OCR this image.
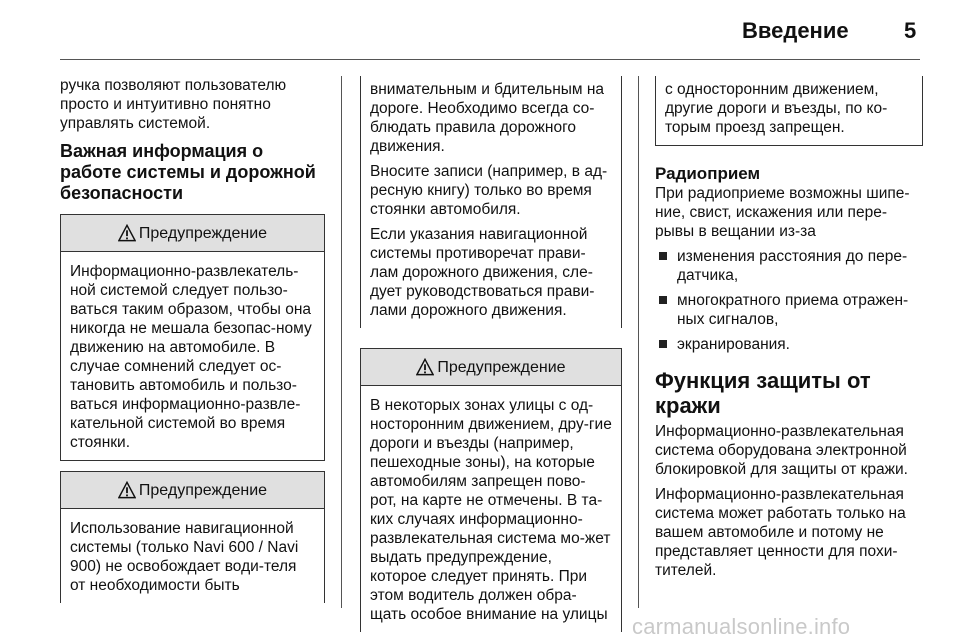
Введение	5

ручка позволяют пользователю просто и интуитивно понятно управлять системой.

Важная информация о работе системы и дорожной безопасности
Предупреждение
Информационно-развлекатель-ной системой следует пользо-ваться таким образом, чтобы она никогда не мешала безопас-ному движению на автомобиле. В случае сомнений следует ос-тановить автомобиль и пользо-ваться информационно-развле-кательной системой во время стоянки.
Предупреждение
Использование навигационной системы (только Navi 600 / Navi 900) не освобождает води-теля от необходимости быть

внимательным и бдительным на дороге. Необходимо всегда со-блюдать правила дорожного движения.

Вносите записи (например, в ад-ресную книгу) только во время стоянки автомобиля.

Если указания навигационной системы противоречат прави-лам дорожного движения, сле-дует руководствоваться прави-лами дорожного движения.

Предупреждение
В некоторых зонах улицы с од-носторонним движением, дру-гие дороги и въезды (например, пешеходные зоны), на которые автомобилям запрещен пово-рот, на карте не отмечены. В та-ких случаях информационно-развлекательная система мо-жет выдать предупреждение, которое следует принять. При этом водитель должен обра-щать особое внимание на улицы
с односторонним движением, другие дороги и въезды, по ко-торым проезд запрещен.
Радиоприем

При радиоприеме возможны шипе-ние, свист, искажения или пере-рывы в вещании из-за

изменения расстояния до пере-датчика,
многократного приема отражен-ных сигналов,
экранирования.
Функция защиты от кражи

Информационно-развлекательная система оборудована электронной блокировкой для защиты от кражи.

Информационно-развлекательная система может работать только на вашем автомобиле и потому не представляет ценности для похи-тителей.

carmanualsonline.info
